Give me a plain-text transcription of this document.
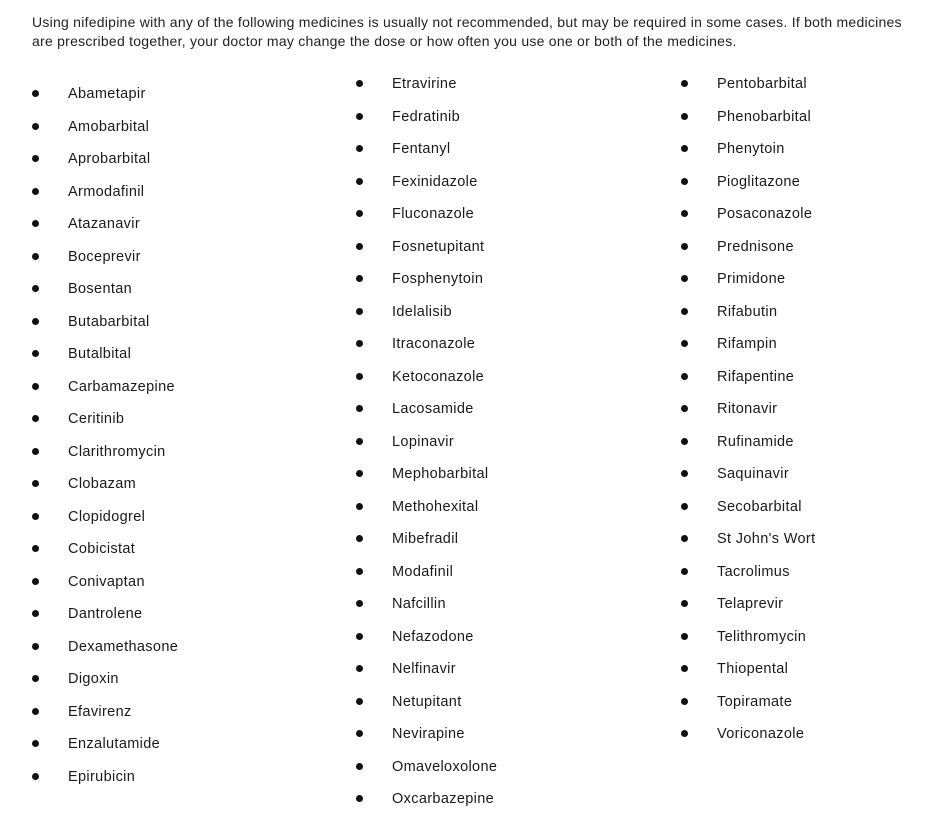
Using nifedipine with any of the following medicines is usually not recommended, but may be required in some cases. If both medicines are prescribed together, your doctor may change the dose or how often you use one or both of the medicines.

Abametapir
Amobarbital
Aprobarbital
Armodafinil
Atazanavir
Boceprevir
Bosentan
Butabarbital
Butalbital
Carbamazepine
Ceritinib
Clarithromycin
Clobazam
Clopidogrel
Cobicistat
Conivaptan
Dantrolene
Dexamethasone
Digoxin
Efavirenz
Enzalutamide
Epirubicin
Etravirine
Fedratinib
Fentanyl
Fexinidazole
Fluconazole
Fosnetupitant
Fosphenytoin
Idelalisib
Itraconazole
Ketoconazole
Lacosamide
Lopinavir
Mephobarbital
Methohexital
Mibefradil
Modafinil
Nafcillin
Nefazodone
Nelfinavir
Netupitant
Nevirapine
Omaveloxolone
Oxcarbazepine
Pentobarbital
Phenobarbital
Phenytoin
Pioglitazone
Posaconazole
Prednisone
Primidone
Rifabutin
Rifampin
Rifapentine
Ritonavir
Rufinamide
Saquinavir
Secobarbital
St John's Wort
Tacrolimus
Telaprevir
Telithromycin
Thiopental
Topiramate
Voriconazole
